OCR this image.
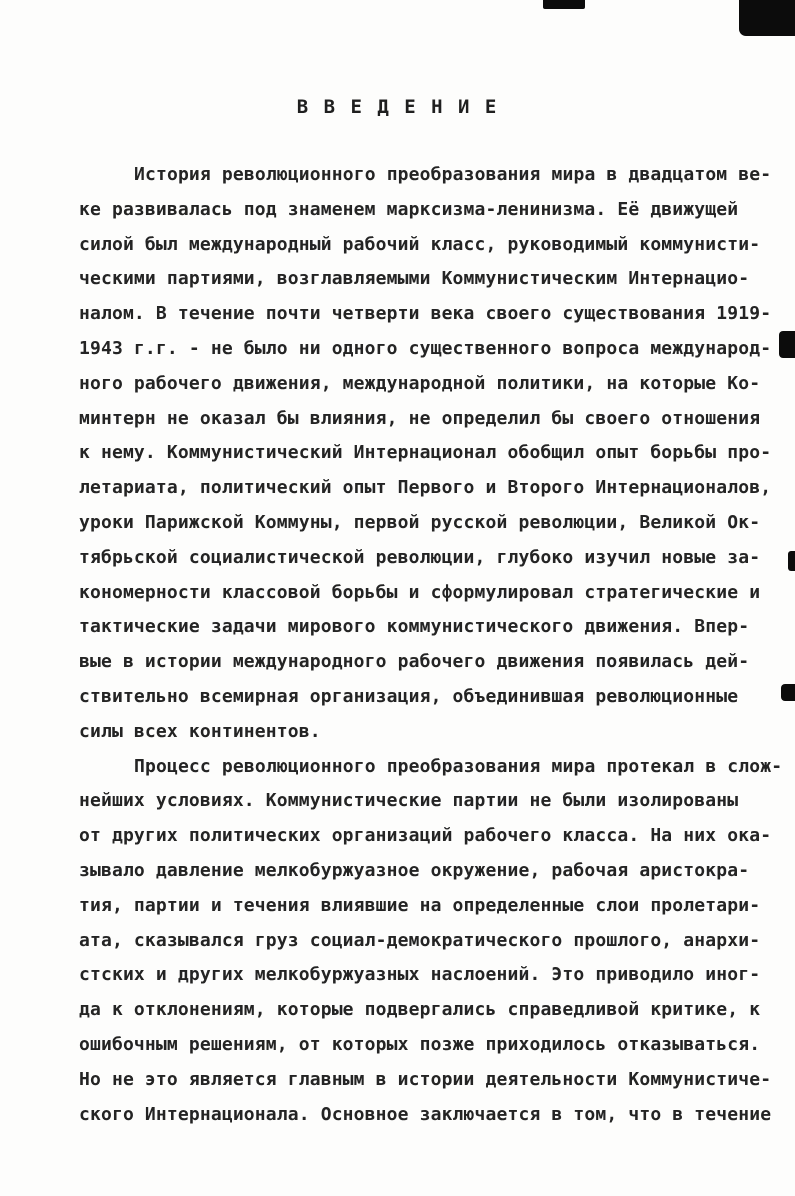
В В Е Д Е Н И Е
История революционного преобразования мира в двадцатом ве-
ке развивалась под знаменем марксизма-ленинизма. Её движущей
силой был международный рабочий класс, руководимый коммунисти-
ческими партиями, возглавляемыми Коммунистическим Интернацио-
налом. В течение почти четверти века своего существования 1919-
1943 г.г. - не было ни одного существенного вопроса международ-
ного рабочего движения, международной политики, на которые Ко-
минтерн не оказал бы влияния, не определил бы своего отношения
к нему. Коммунистический Интернационал обобщил опыт борьбы про-
летариата, политический опыт Первого и Второго Интернационалов,
уроки Парижской Коммуны, первой русской революции, Великой Ок-
тябрьской социалистической революции, глубоко изучил новые за-
кономерности классовой борьбы и сформулировал стратегические и
тактические задачи мирового коммунистического движения. Впер-
вые в истории международного рабочего движения появилась дей-
ствительно всемирная организация, объединившая революционные
силы всех континентов.
Процесс революционного преобразования мира протекал в слож-
нейших условиях. Коммунистические партии не были изолированы
от других политических организаций рабочего класса. На них ока-
зывало давление мелкобуржуазное окружение, рабочая аристокра-
тия, партии и течения влиявшие на определенные слои пролетари-
ата, сказывался груз социал-демократического прошлого, анархи-
стских и других мелкобуржуазных наслоений. Это приводило иног-
да к отклонениям, которые подвергались справедливой критике, к
ошибочным решениям, от которых позже приходилось отказываться.
Но не это является главным в истории деятельности Коммунистиче-
ского Интернационала. Основное заключается в том, что в течение
